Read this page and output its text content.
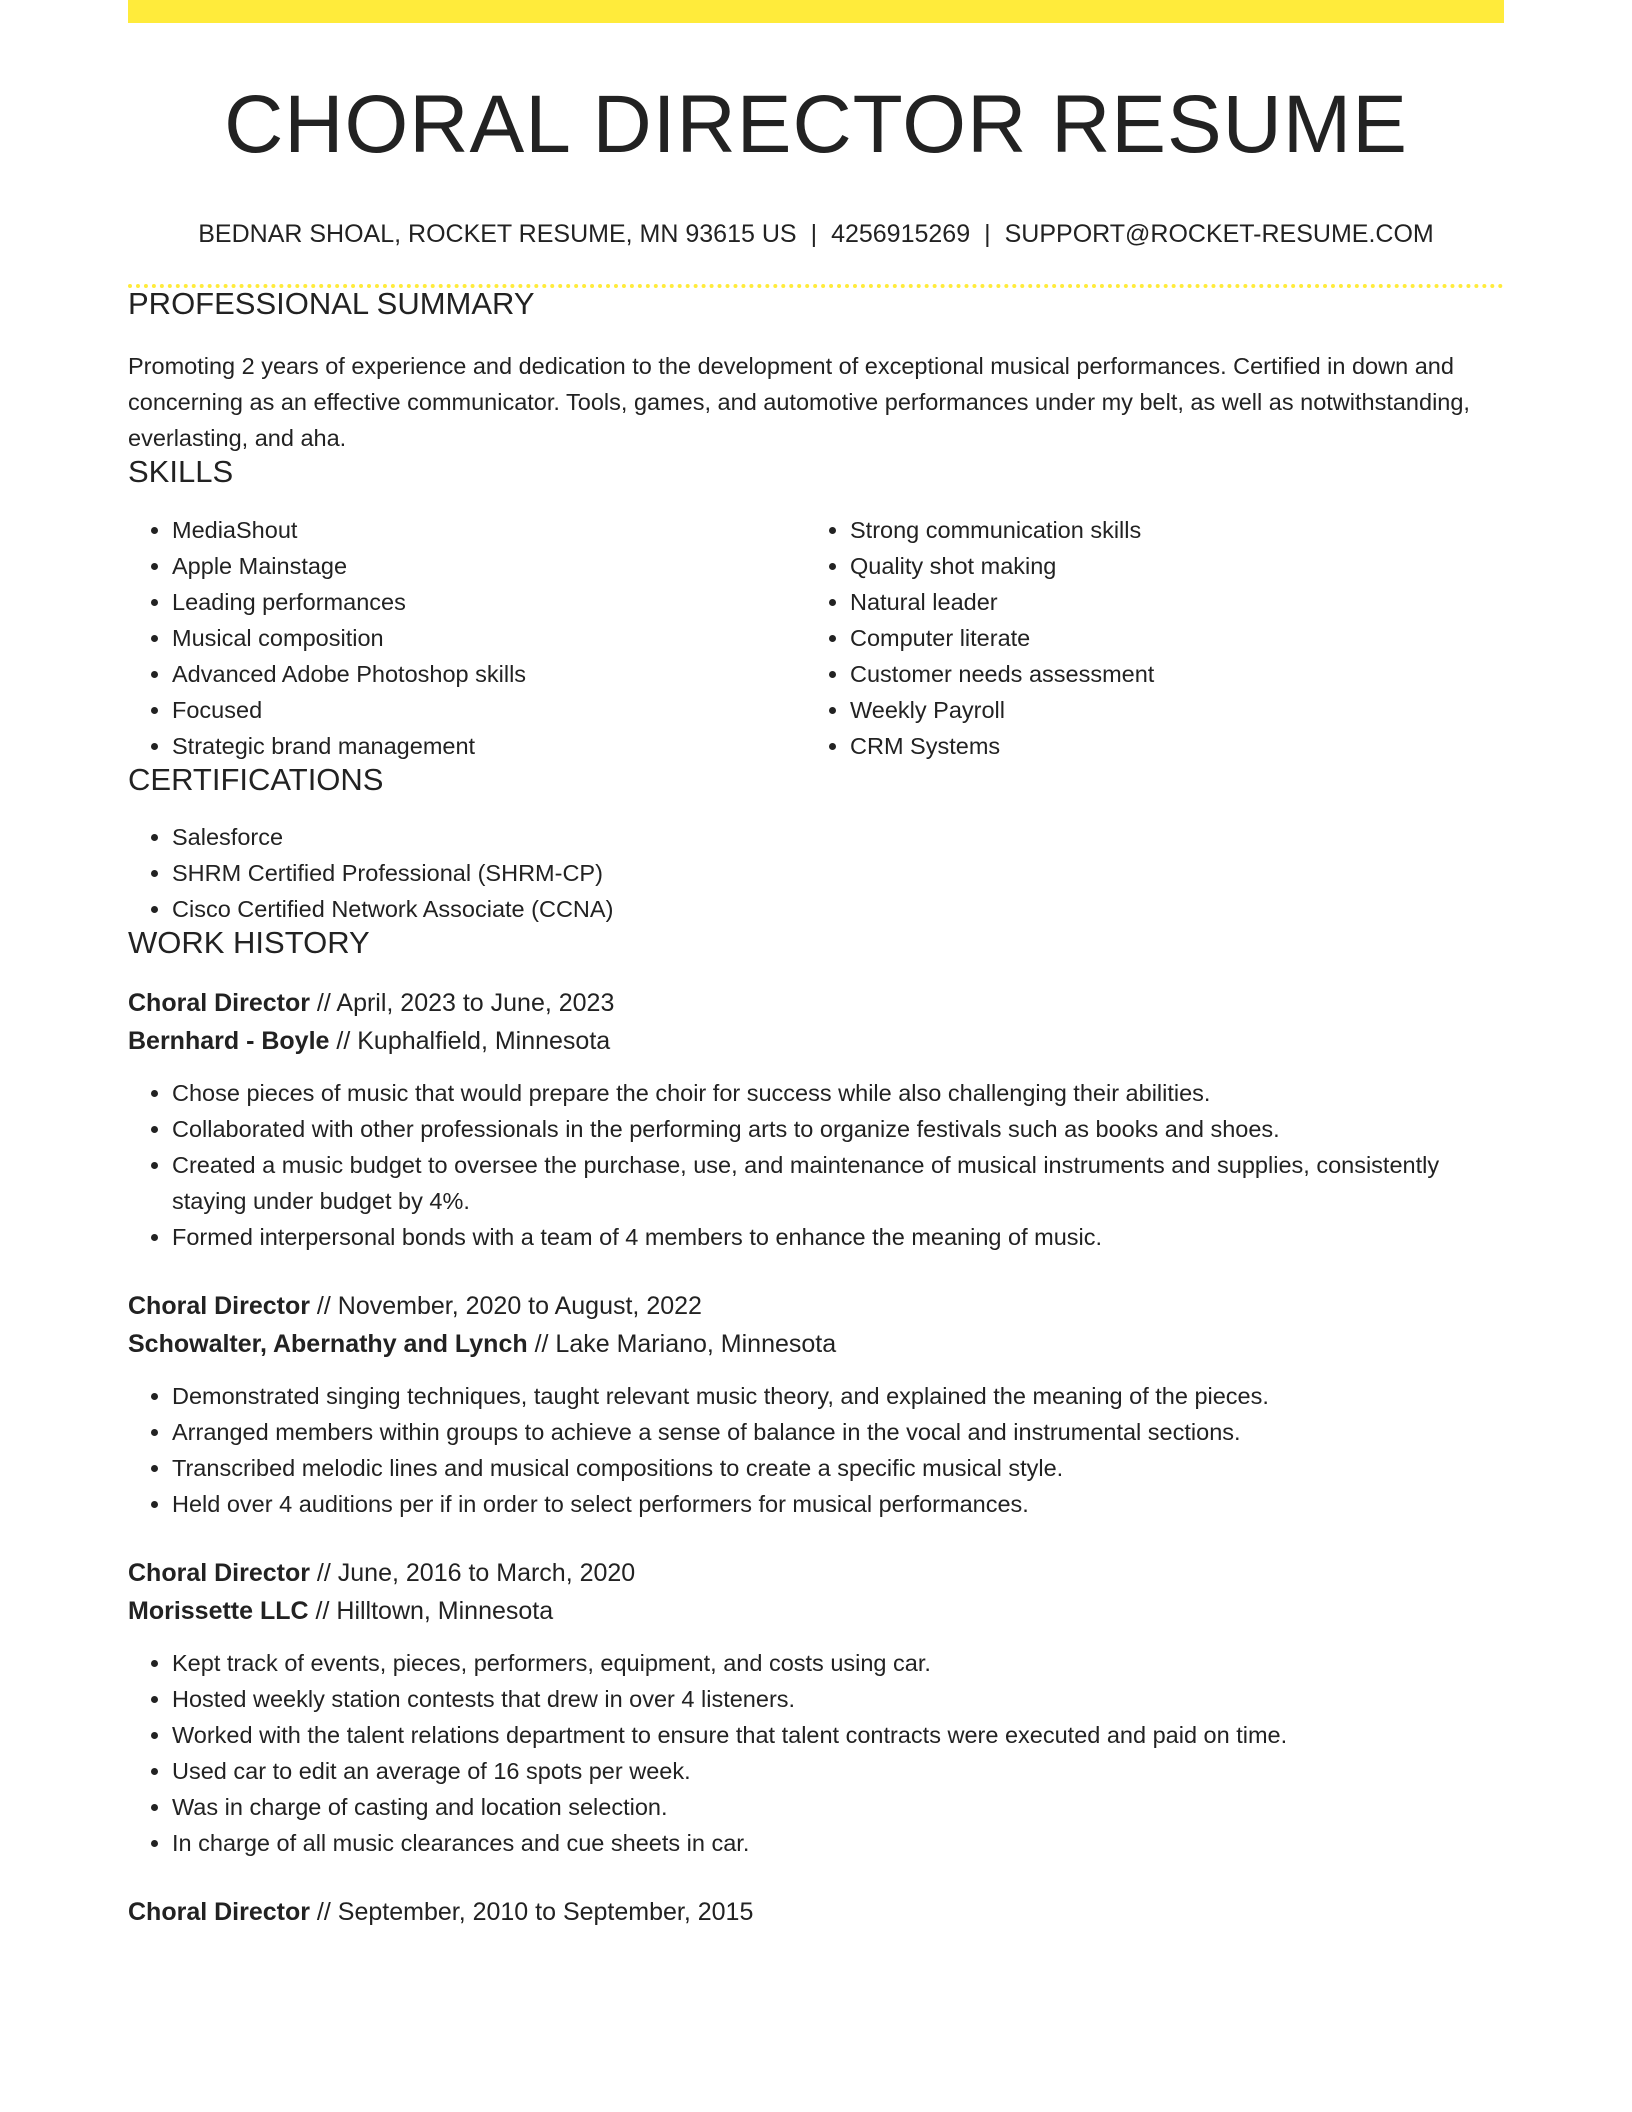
CHORAL DIRECTOR RESUME
BEDNAR SHOAL, ROCKET RESUME, MN 93615 US | 4256915269 | SUPPORT@ROCKET-RESUME.COM
PROFESSIONAL SUMMARY
Promoting 2 years of experience and dedication to the development of exceptional musical performances. Certified in down and concerning as an effective communicator. Tools, games, and automotive performances under my belt, as well as notwithstanding, everlasting, and aha.
SKILLS
• MediaShout
• Apple Mainstage
• Leading performances
• Musical composition
• Advanced Adobe Photoshop skills
• Focused
• Strategic brand management
• Strong communication skills
• Quality shot making
• Natural leader
• Computer literate
• Customer needs assessment
• Weekly Payroll
• CRM Systems
CERTIFICATIONS
• Salesforce
• SHRM Certified Professional (SHRM-CP)
• Cisco Certified Network Associate (CCNA)
WORK HISTORY
Choral Director // April, 2023 to June, 2023
Bernhard - Boyle // Kuphalfield, Minnesota
• Chose pieces of music that would prepare the choir for success while also challenging their abilities.
• Collaborated with other professionals in the performing arts to organize festivals such as books and shoes.
• Created a music budget to oversee the purchase, use, and maintenance of musical instruments and supplies, consistently staying under budget by 4%.
• Formed interpersonal bonds with a team of 4 members to enhance the meaning of music.
Choral Director // November, 2020 to August, 2022
Schowalter, Abernathy and Lynch // Lake Mariano, Minnesota
• Demonstrated singing techniques, taught relevant music theory, and explained the meaning of the pieces.
• Arranged members within groups to achieve a sense of balance in the vocal and instrumental sections.
• Transcribed melodic lines and musical compositions to create a specific musical style.
• Held over 4 auditions per if in order to select performers for musical performances.
Choral Director // June, 2016 to March, 2020
Morissette LLC // Hilltown, Minnesota
• Kept track of events, pieces, performers, equipment, and costs using car.
• Hosted weekly station contests that drew in over 4 listeners.
• Worked with the talent relations department to ensure that talent contracts were executed and paid on time.
• Used car to edit an average of 16 spots per week.
• Was in charge of casting and location selection.
• In charge of all music clearances and cue sheets in car.
Choral Director // September, 2010 to September, 2015
